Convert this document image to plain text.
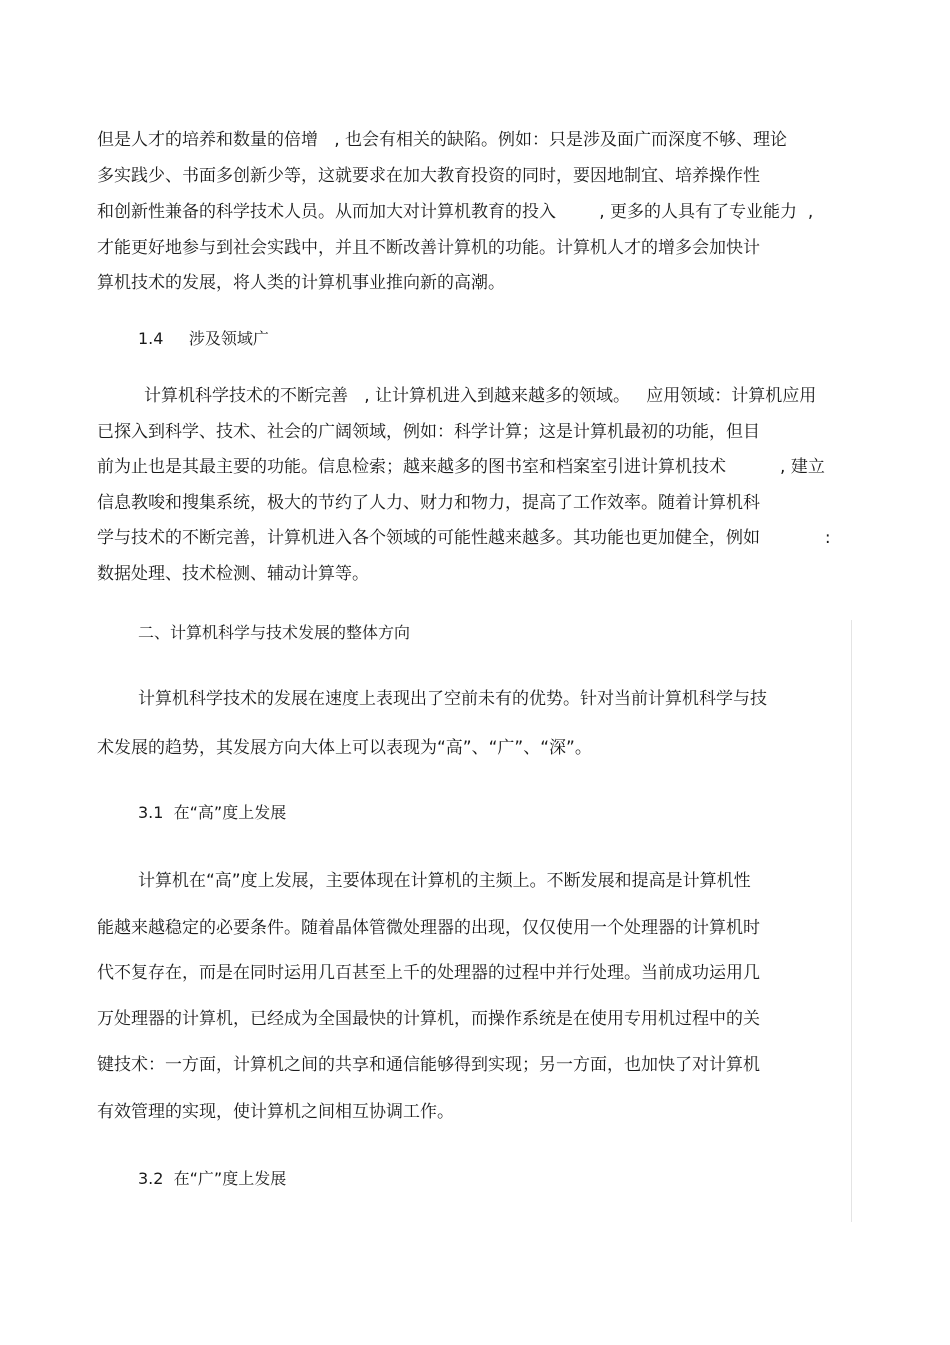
但是人才的培养和数量的倍增   , 也会有相关的缺陷。例如：只是涉及面广而深度不够、理论
多实践少、书面多创新少等，这就要求在加大教育投资的同时，要因地制宜、培养操作性
和创新性兼备的科学技术人员。从而加大对计算机教育的投入        , 更多的人具有了专业能力  ,
才能更好地参与到社会实践中，并且不断改善计算机的功能。计算机人才的增多会加快计
算机技术的发展，将人类的计算机事业推向新的高潮。
1.4     涉及领域广
计算机科学技术的不断完善   , 让计算机进入到越来越多的领域。   应用领域：计算机应用
已探入到科学、技术、社会的广阔领域，例如：科学计算；这是计算机最初的功能，但目
前为止也是其最主要的功能。信息检索；越来越多的图书室和档案室引进计算机技术          , 建立
信息教唆和搜集系统，极大的节约了人力、财力和物力，提高了工作效率。随着计算机科
学与技术的不断完善，计算机进入各个领域的可能性越来越多。其功能也更加健全，例如            :
数据处理、技术检测、辅动计算等。
二、计算机科学与技术发展的整体方向
计算机科学技术的发展在速度上表现出了空前未有的优势。针对当前计算机科学与技
术发展的趋势，其发展方向大体上可以表现为“高”、“广”、“深”。
3.1  在“高”度上发展
计算机在“高”度上发展，主要体现在计算机的主频上。不断发展和提高是计算机性
能越来越稳定的必要条件。随着晶体管微处理器的出现，仅仅使用一个处理器的计算机时
代不复存在，而是在同时运用几百甚至上千的处理器的过程中并行处理。当前成功运用几
万处理器的计算机，已经成为全国最快的计算机，而操作系统是在使用专用机过程中的关
键技术：一方面，计算机之间的共享和通信能够得到实现；另一方面，也加快了对计算机
有效管理的实现，使计算机之间相互协调工作。
3.2  在“广”度上发展
